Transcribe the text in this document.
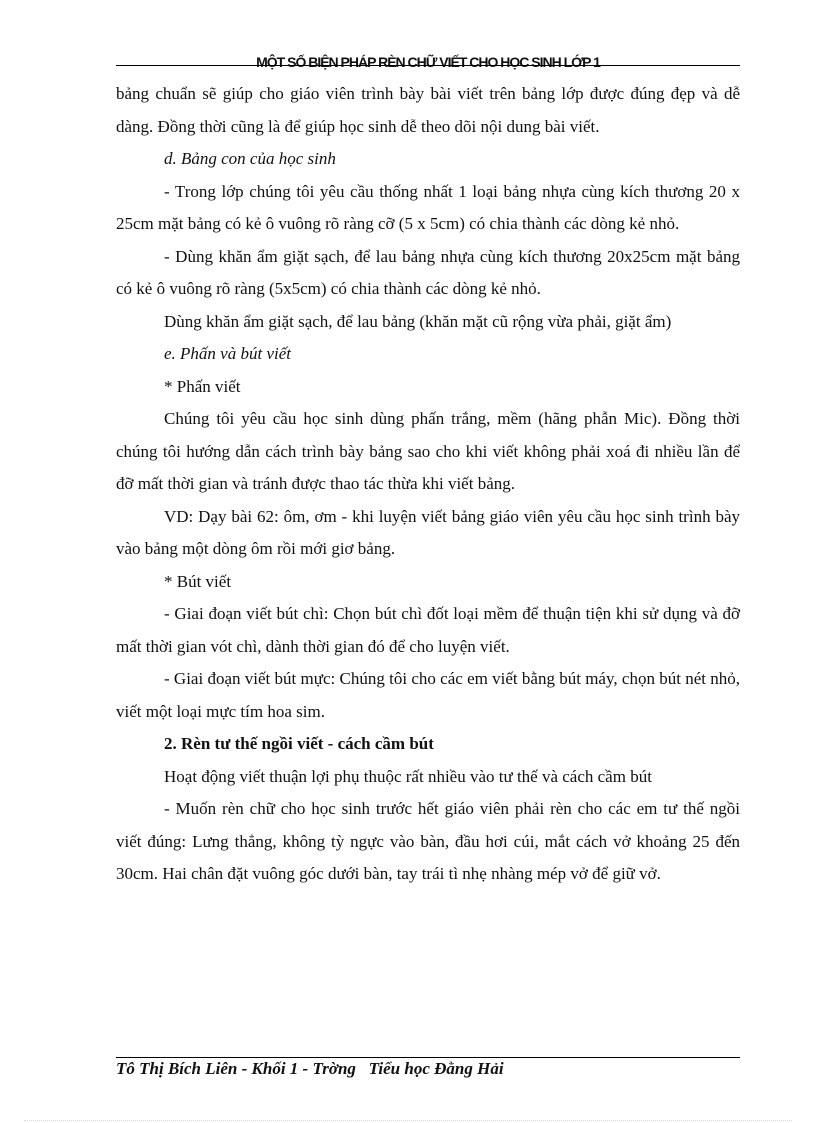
MỘT SỐ BIỆN PHÁP RÈN CHỮ VIẾT CHO HỌC SINH LỚP 1

bảng chuẩn sẽ giúp cho giáo viên trình bày bài viết trên bảng lớp được đúng đẹp và dễ dàng. Đồng thời cũng là để giúp học sinh dễ theo dõi nội dung bài viết.

d. Bảng con của học sinh

- Trong lớp chúng tôi yêu cầu thống nhất 1 loại bảng nhựa cùng kích thương 20 x 25cm mặt bảng có kẻ ô vuông rõ ràng cỡ (5 x 5cm) có chia thành các dòng kẻ nhỏ.

- Dùng khăn ẩm giặt sạch, để lau bảng nhựa cùng kích thương 20x25cm mặt bảng có kẻ ô vuông rõ ràng (5x5cm) có chia thành các dòng kẻ nhỏ.

Dùng khăn ẩm giặt sạch, để lau bảng (khăn mặt cũ rộng vừa phải, giặt ẩm)

e. Phấn và bút viết

* Phấn viết

Chúng tôi yêu cầu học sinh dùng phấn trắng, mềm (hãng phẫn Mic). Đồng thời chúng tôi hướng dẫn cách trình bày bảng sao cho khi viết không phải xoá đi nhiều lần để đỡ mất thời gian và tránh được thao tác thừa khi viết bảng.

VD: Dạy bài 62: ôm, ơm - khi luyện viết bảng giáo viên yêu cầu học sinh trình bày vào bảng một dòng ôm rồi mới giơ bảng.

* Bút viết

- Giai đoạn viết bút chì: Chọn bút chì đốt loại mềm để thuận tiện khi sử dụng và đỡ mất thời gian vót chì, dành thời gian đó để cho luyện viết.

- Giai đoạn viết bút mực: Chúng tôi cho các em viết bằng bút máy, chọn bút nét nhỏ, viết một loại mực tím hoa sim.

2. Rèn tư thế ngồi viết - cách cầm bút

Hoạt động viết thuận lợi phụ thuộc rất nhiều vào tư thế và cách cầm bút

- Muốn rèn chữ cho học sinh trước hết giáo viên phải rèn cho các em tư thế ngồi viết đúng: Lưng thẳng, không tỳ ngực vào bàn, đầu hơi cúi, mắt cách vở khoảng 25 đến 30cm. Hai chân đặt vuông góc dưới bàn, tay trái tì nhẹ nhàng mép vở để giữ vở.

Tô Thị Bích Liên - Khối 1 - Trờng   Tiểu học Đằng Hải
